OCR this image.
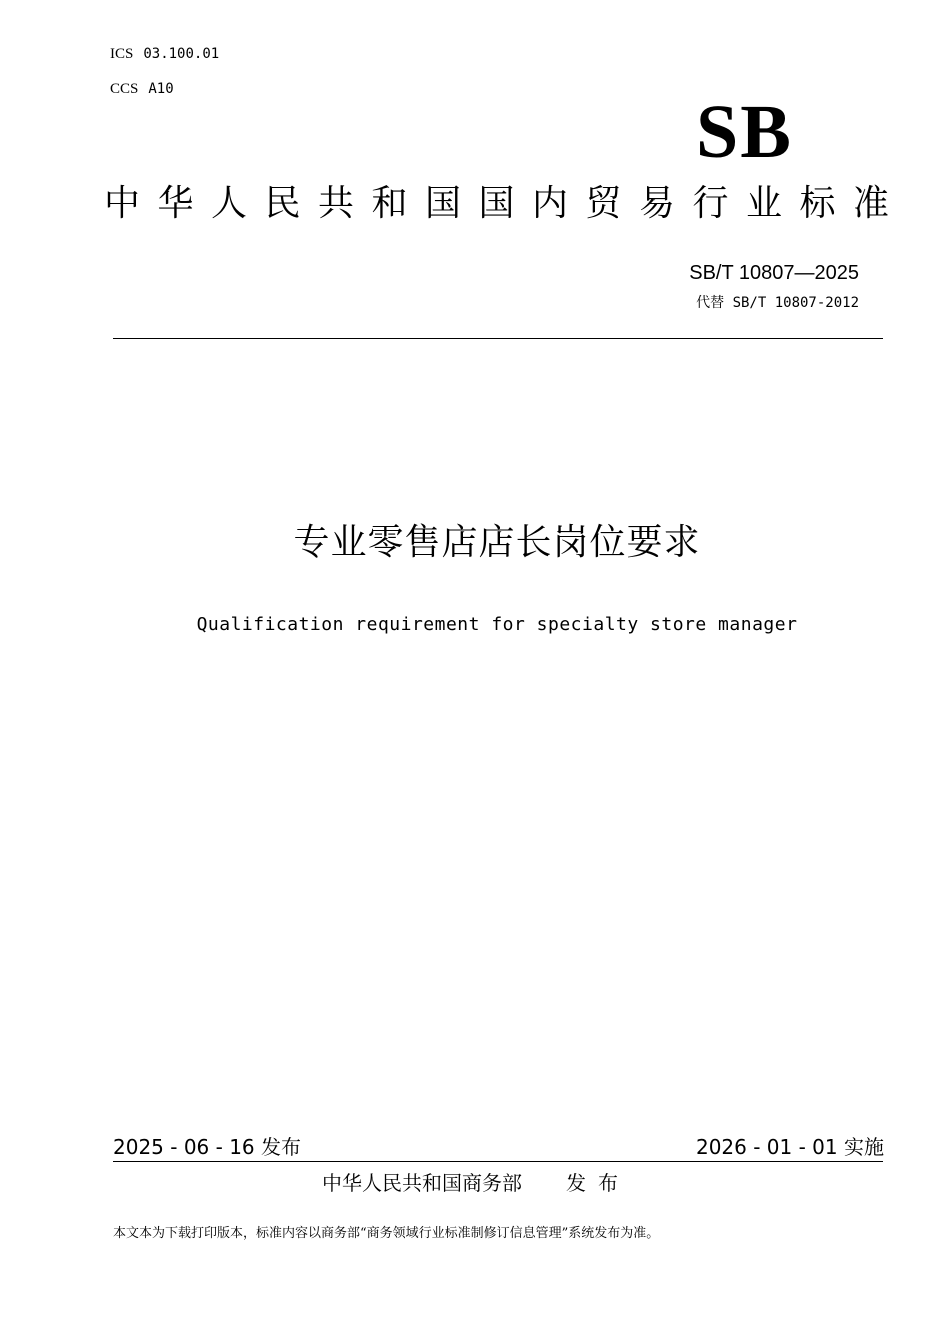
ICS 03.100.01
CCS A10
SB
中华人民共和国国内贸易行业标准
SB/T 10807—2025
代替 SB/T 10807-2012
专业零售店店长岗位要求
Qualification requirement for specialty store manager
2025 - 06 - 16 发布	2026 - 01 - 01 实施
中华人民共和国商务部 发布
本文本为下载打印版本，标准内容以商务部“商务领域行业标准制修订信息管理”系统发布为准。
